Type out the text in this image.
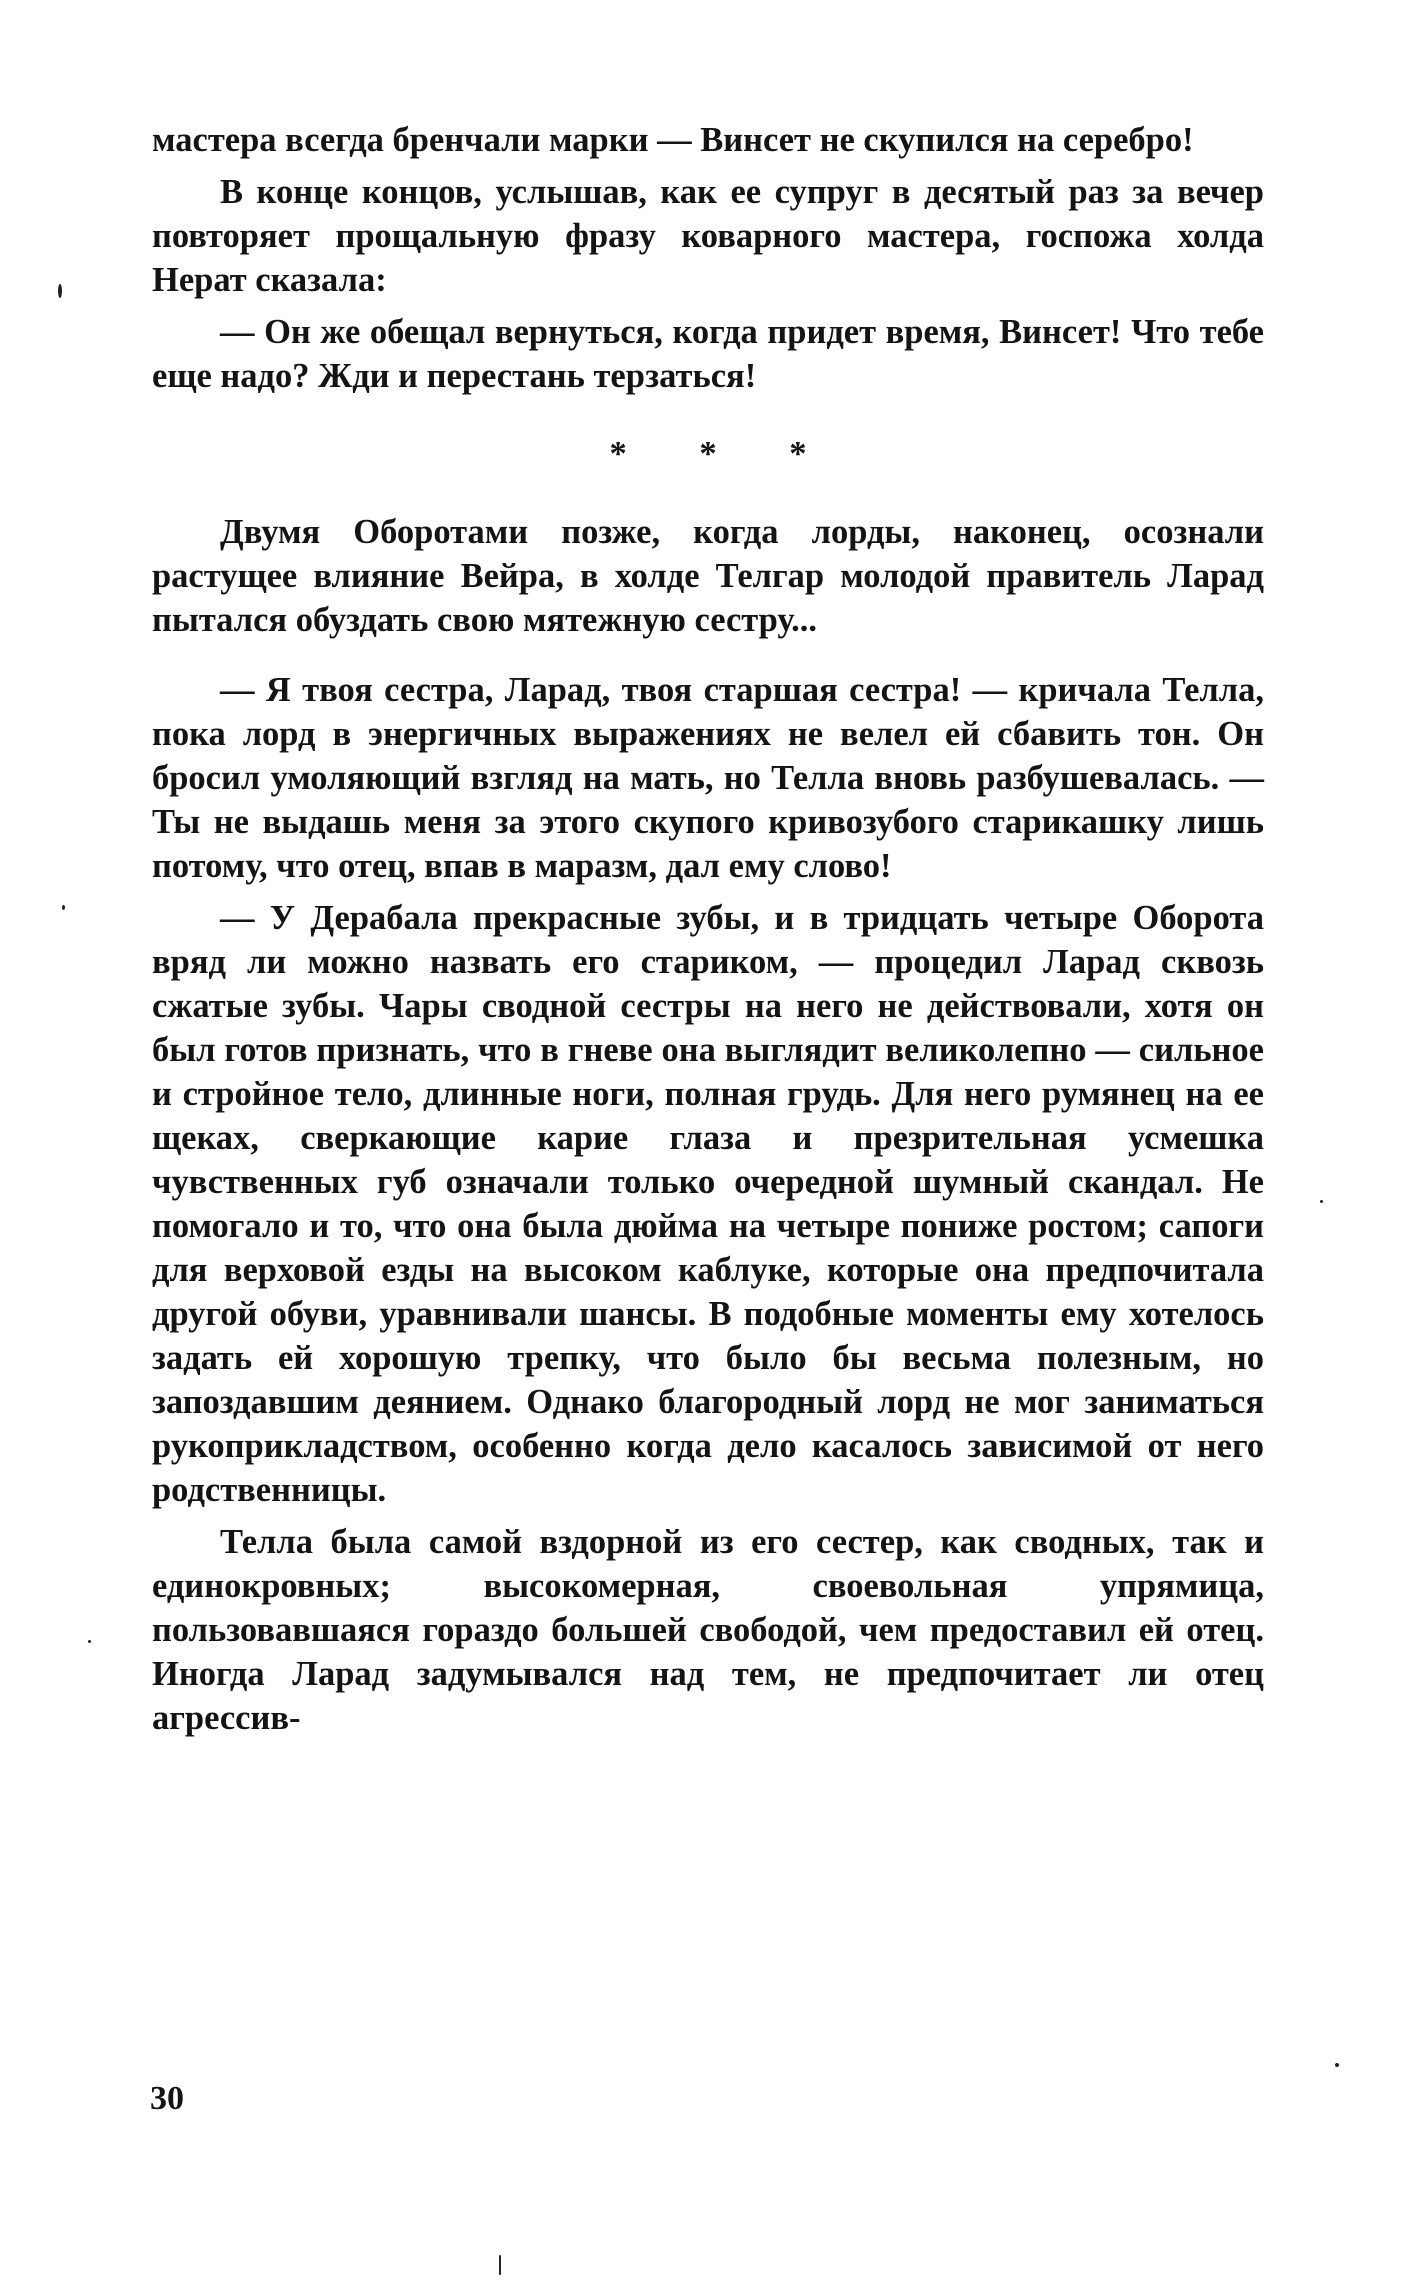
мастера всегда бренчали марки — Винсет не скупился на серебро!

В конце концов, услышав, как ее супруг в десятый раз за вечер повторяет прощальную фразу коварного мастера, госпожа холда Нерат сказала:

— Он же обещал вернуться, когда придет время, Винсет! Что тебе еще надо? Жди и перестань терзаться!

* * *

Двумя Оборотами позже, когда лорды, наконец, осознали растущее влияние Вейра, в холде Телгар молодой правитель Ларад пытался обуздать свою мятежную сестру...

— Я твоя сестра, Ларад, твоя старшая сестра! — кричала Телла, пока лорд в энергичных выражениях не велел ей сбавить тон. Он бросил умоляющий взгляд на мать, но Телла вновь разбушевалась. — Ты не выдашь меня за этого скупого кривозубого старикашку лишь потому, что отец, впав в маразм, дал ему слово!

— У Дерабала прекрасные зубы, и в тридцать четыре Оборота вряд ли можно назвать его стариком, — процедил Ларад сквозь сжатые зубы. Чары сводной сестры на него не действовали, хотя он был готов признать, что в гневе она выглядит великолепно — сильное и стройное тело, длинные ноги, полная грудь. Для него румянец на ее щеках, сверкающие карие глаза и презрительная усмешка чувственных губ означали только очередной шумный скандал. Не помогало и то, что она была дюйма на четыре пониже ростом; сапоги для верховой езды на высоком каблуке, которые она предпочитала другой обуви, уравнивали шансы. В подобные моменты ему хотелось задать ей хорошую трепку, что было бы весьма полезным, но запоздавшим деянием. Однако благородный лорд не мог заниматься рукоприкладством, особенно когда дело касалось зависимой от него родственницы.

Телла была самой вздорной из его сестер, как сводных, так и единокровных; высокомерная, своевольная упрямица, пользовавшаяся гораздо большей свободой, чем предоставил ей отец. Иногда Ларад задумывался над тем, не предпочитает ли отец агрессив-

30
